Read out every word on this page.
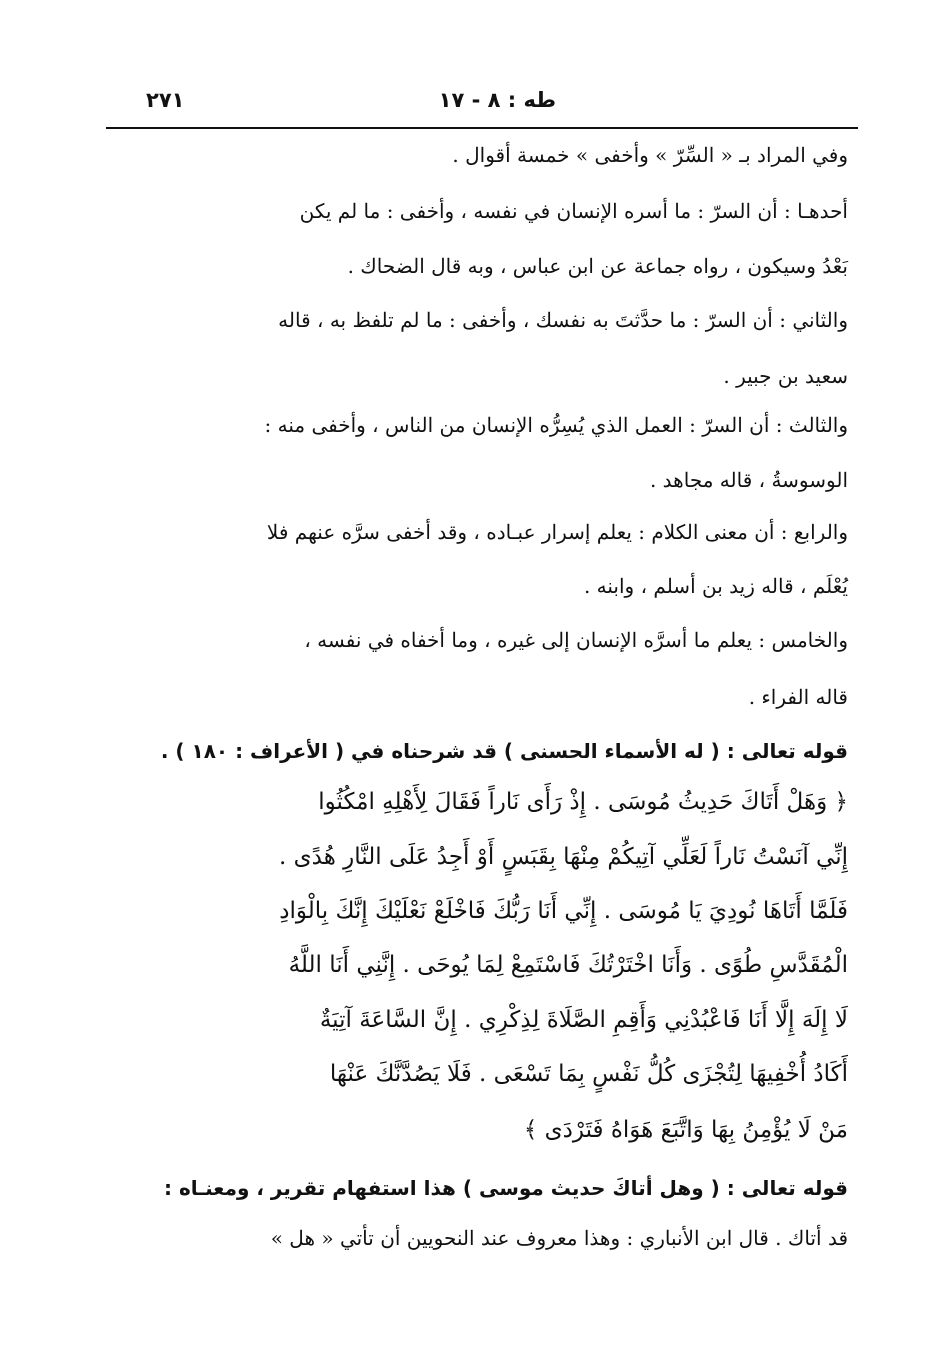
طه : ٨ - ١٧
٢٧١
وفي المراد بـ « السِّرّ » وأخفى » خمسة أقوال .
أحدهـا : أن السرّ : ما أسره الإنسان في نفسه ، وأخفى : ما لم يكن
بَعْدُ وسيكون ، رواه جماعة عن ابن عباس ، وبه قال الضحاك .
والثاني : أن السرّ : ما حدَّثتَ به نفسك ، وأخفى : ما لم تلفظ به ، قاله
سعيد بن جبير .
والثالث : أن السرّ : العمل الذي يُسِرُّه الإنسان من الناس ، وأخفى منه :
الوسوسةُ ، قاله مجاهد .
والرابع : أن معنى الكلام : يعلم إسرار عبـاده ، وقد أخفى سرَّه عنهم فلا
يُعْلَم ، قاله زيد بن أسلم ، وابنه .
والخامس : يعلم ما أسرَّه الإنسان إلى غيره ، وما أخفاه في نفسه ،
قاله الفراء .
قوله تعالى : ( له الأسماء الحسنى ) قد شرحناه في ( الأعراف : ١٨٠ ) .
﴿ وَهَلْ أَتَاكَ حَدِيثُ مُوسَى . إِذْ رَأَى نَاراً فَقَالَ لِأَهْلِهِ امْكُثُوا
إِنِّي آنَسْتُ نَاراً لَعَلِّي آتِيكُمْ مِنْهَا بِقَبَسٍ أَوْ أَجِدُ عَلَى النَّارِ هُدًى .
فَلَمَّا أَتَاهَا نُودِيَ يَا مُوسَى . إِنِّي أَنَا رَبُّكَ فَاخْلَعْ نَعْلَيْكَ إِنَّكَ بِالْوَادِ
الْمُقَدَّسِ طُوًى . وَأَنَا اخْتَرْتُكَ فَاسْتَمِعْ لِمَا يُوحَى . إِنَّنِي أَنَا اللَّهُ
لَا إِلَهَ إِلَّا أَنَا فَاعْبُدْنِي وَأَقِمِ الصَّلَاةَ لِذِكْرِي . إِنَّ السَّاعَةَ آتِيَةٌ
أَكَادُ أُخْفِيهَا لِتُجْزَى كُلُّ نَفْسٍ بِمَا تَسْعَى . فَلَا يَصُدَّنَّكَ عَنْهَا
مَنْ لَا يُؤْمِنُ بِهَا وَاتَّبَعَ هَوَاهُ فَتَرْدَى ﴾
قوله تعالى : ( وهل أتاكَ حديث موسى ) هذا استفهام تقرير ، ومعنـاه :
قد أتاك . قال ابن الأنباري : وهذا معروف عند النحويين أن تأتي « هل »
